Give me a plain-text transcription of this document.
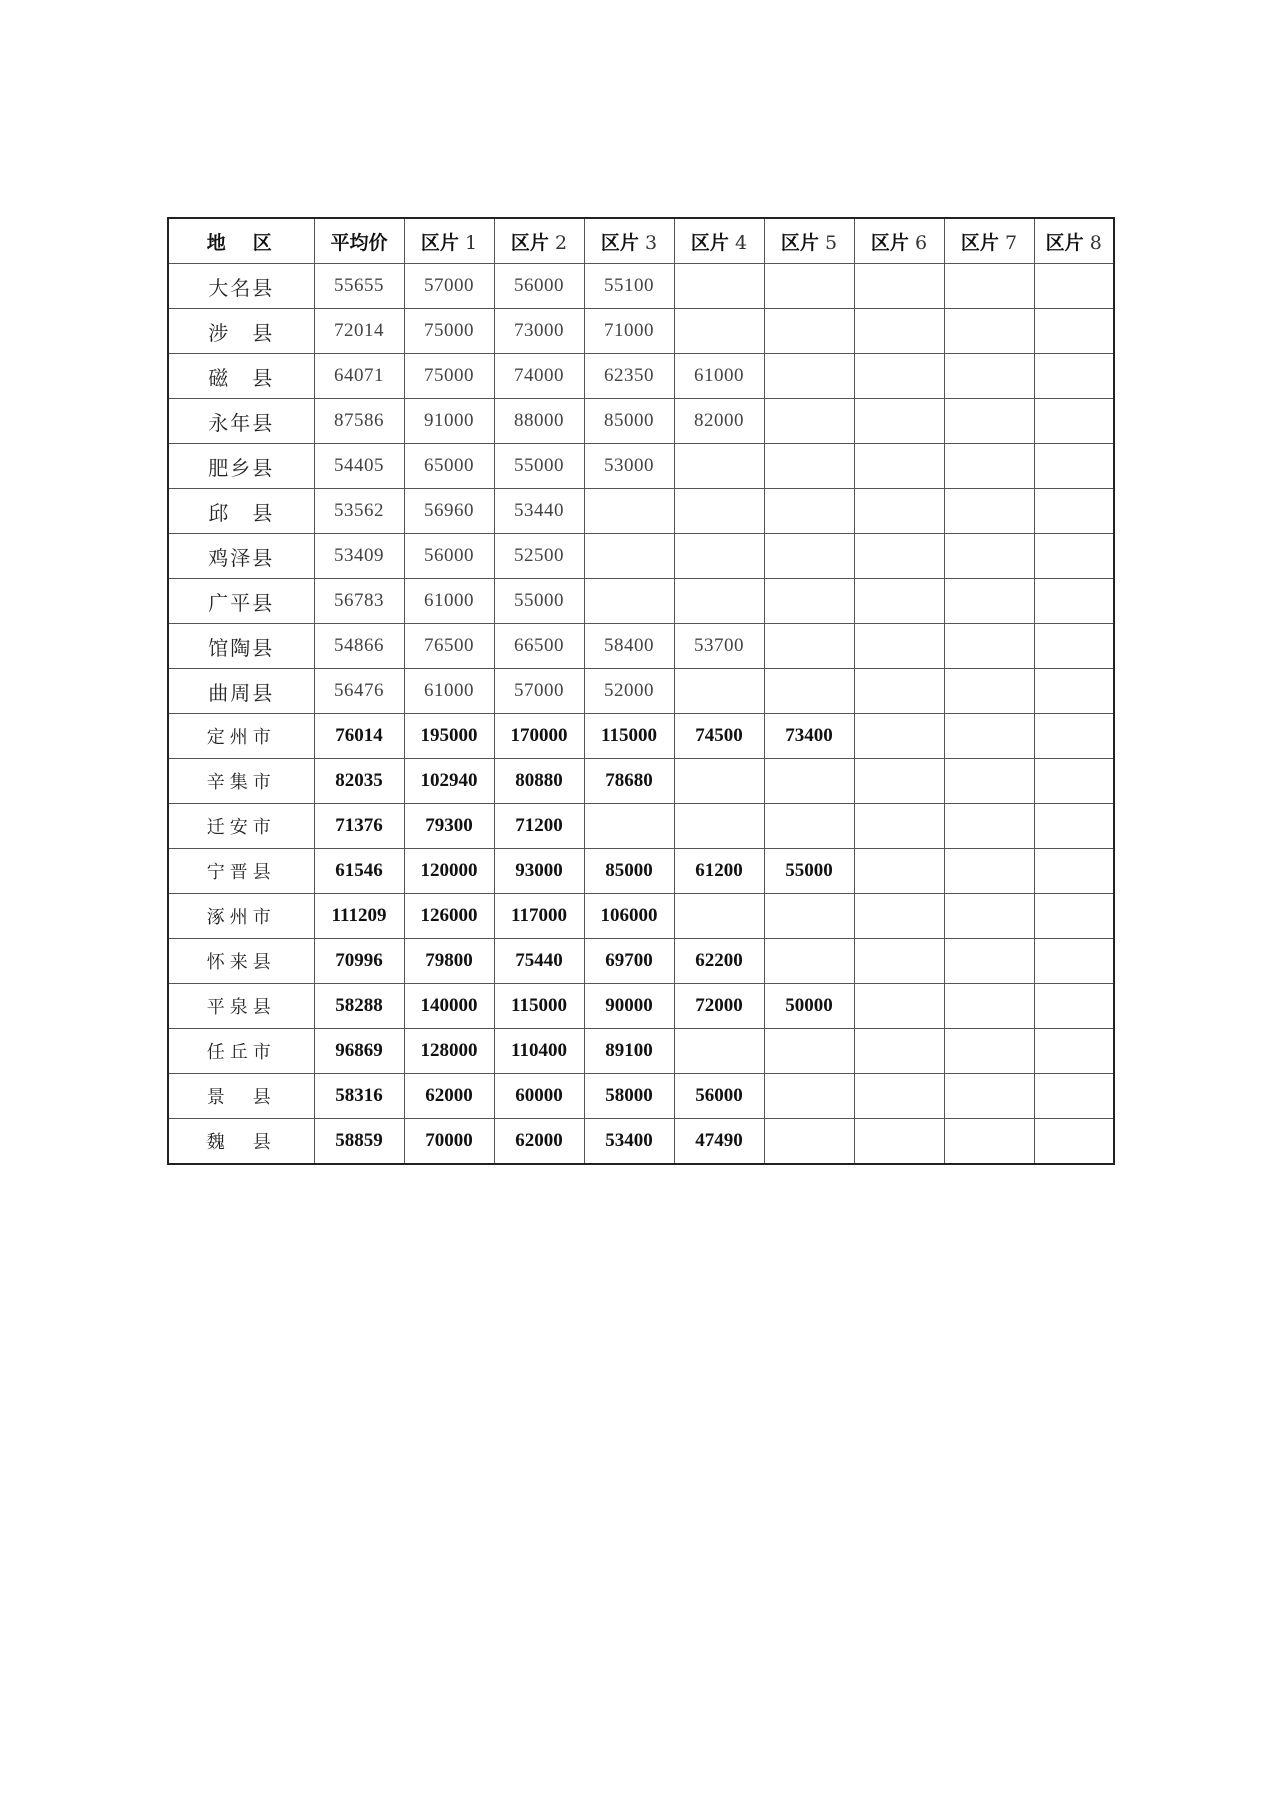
地　区	平均价	区片 1	区片 2	区片 3	区片 4	区片 5	区片 6	区片 7	区片 8
大名县	55655	57000	56000	55100					
涉　县	72014	75000	73000	71000					
磁　县	64071	75000	74000	62350	61000				
永年县	87586	91000	88000	85000	82000				
肥乡县	54405	65000	55000	53000					
邱　县	53562	56960	53440						
鸡泽县	53409	56000	52500						
广平县	56783	61000	55000						
馆陶县	54866	76500	66500	58400	53700				
曲周县	56476	61000	57000	52000					
定州市	76014	195000	170000	115000	74500	73400			
辛集市	82035	102940	80880	78680					
迁安市	71376	79300	71200						
宁晋县	61546	120000	93000	85000	61200	55000			
涿州市	111209	126000	117000	106000					
怀来县	70996	79800	75440	69700	62200				
平泉县	58288	140000	115000	90000	72000	50000			
任丘市	96869	128000	110400	89100					
景　县	58316	62000	60000	58000	56000				
魏　县	58859	70000	62000	53400	47490				
